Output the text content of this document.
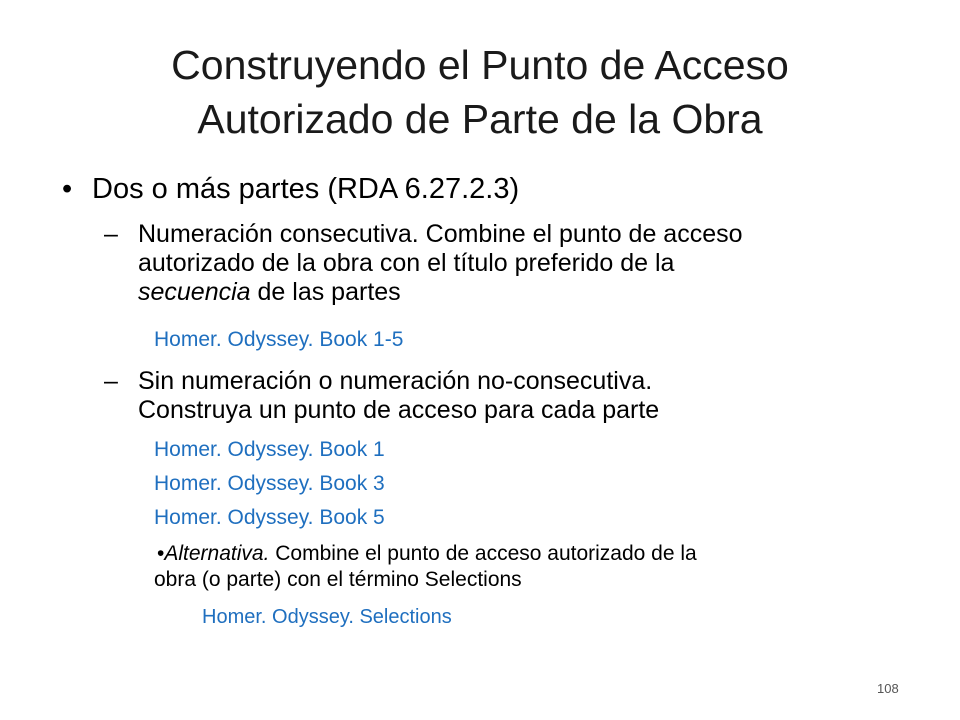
Construyendo el Punto de Acceso
Autorizado de Parte de la Obra
• Dos o más partes (RDA 6.27.2.3)
– Numeración consecutiva. Combine el punto de acceso
autorizado de la obra con el título preferido de la
secuencia de las partes
Homer. Odyssey. Book 1-5
– Sin numeración o numeración no-consecutiva.
Construya un punto de acceso para cada parte
Homer. Odyssey. Book 1
Homer. Odyssey. Book 3
Homer. Odyssey. Book 5
•Alternativa. Combine el punto de acceso autorizado de la
obra (o parte) con el término Selections
Homer. Odyssey. Selections
108
